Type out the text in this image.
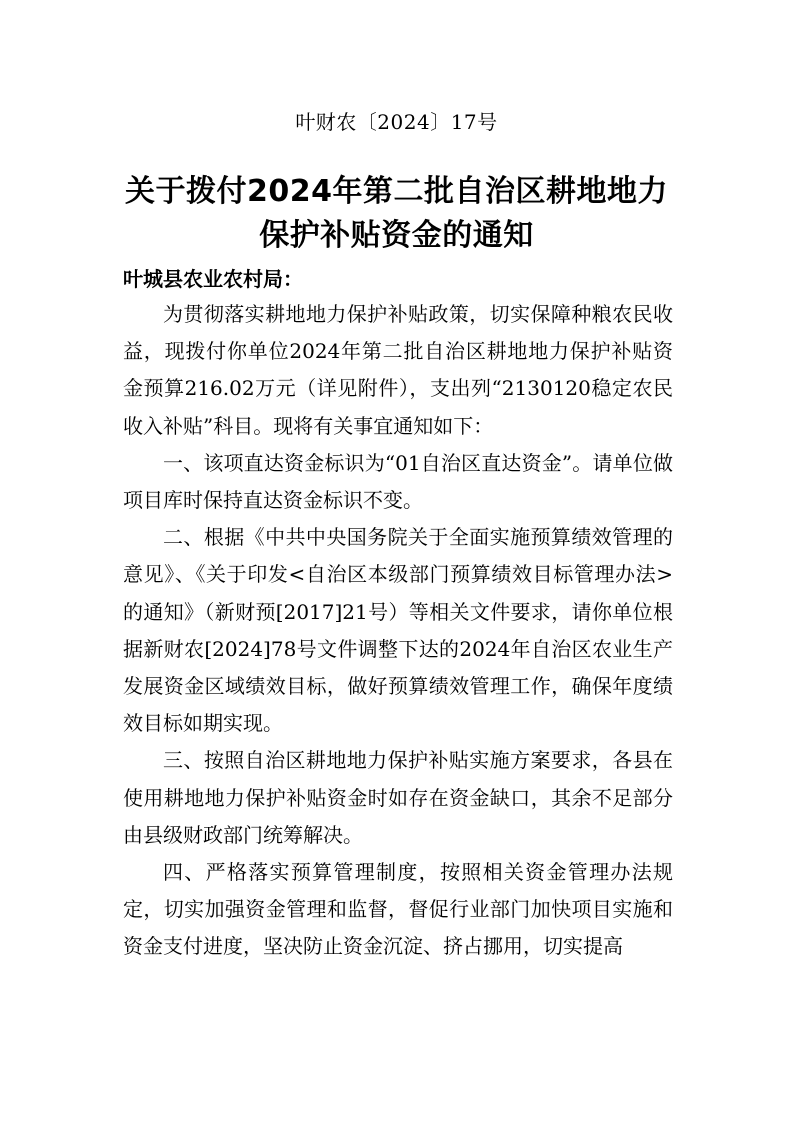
叶财农〔2024〕17号
关于拨付2024年第二批自治区耕地地力保护补贴资金的通知
叶城县农业农村局：

为贯彻落实耕地地力保护补贴政策，切实保障种粮农民收益，现拨付你单位2024年第二批自治区耕地地力保护补贴资金预算216.02万元（详见附件），支出列“2130120稳定农民收入补贴”科目。现将有关事宜通知如下：

一、该项直达资金标识为“01自治区直达资金”。请单位做项目库时保持直达资金标识不变。

二、根据《中共中央国务院关于全面实施预算绩效管理的意见》、《关于印发<自治区本级部门预算绩效目标管理办法>的通知》（新财预[2017]21号）等相关文件要求，请你单位根据新财农[2024]78号文件调整下达的2024年自治区农业生产发展资金区域绩效目标，做好预算绩效管理工作，确保年度绩效目标如期实现。

三、按照自治区耕地地力保护补贴实施方案要求，各县在使用耕地地力保护补贴资金时如存在资金缺口，其余不足部分由县级财政部门统筹解决。

四、严格落实预算管理制度，按照相关资金管理办法规定，切实加强资金管理和监督，督促行业部门加快项目实施和资金支付进度，坚决防止资金沉淀、挤占挪用，切实提高
